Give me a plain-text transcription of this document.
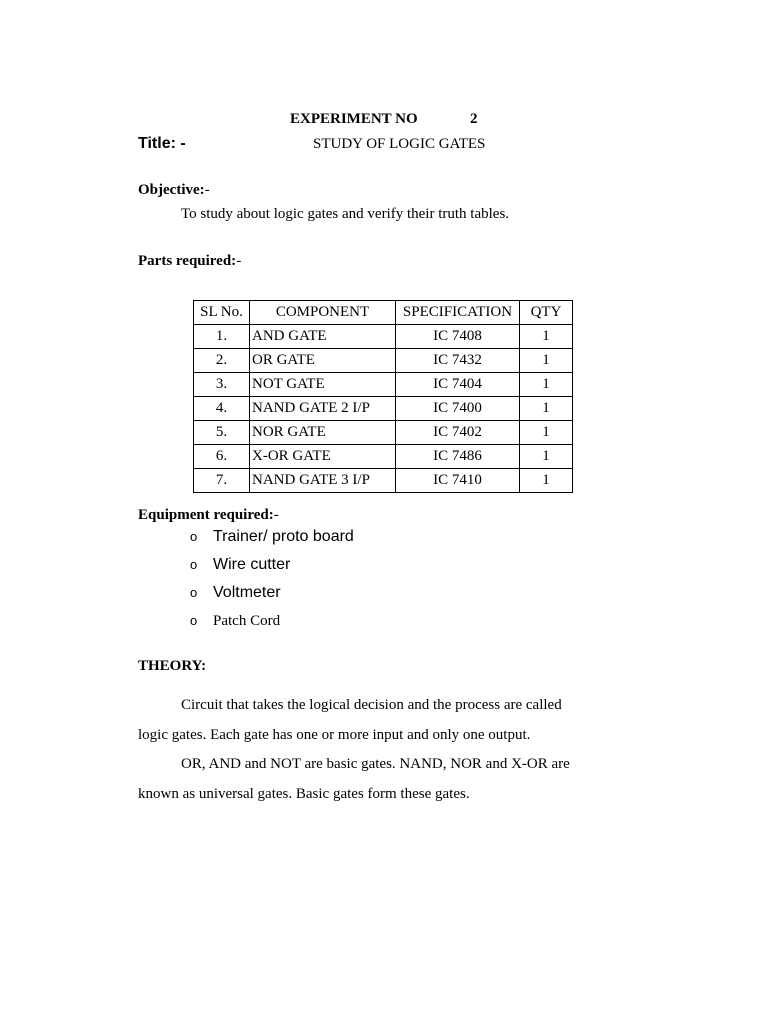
EXPERIMENT NO	2
Title: -	STUDY OF LOGIC GATES
Objective:-
To study about logic gates and verify their truth tables.
Parts required:-
SL No.	COMPONENT	SPECIFICATION	QTY
1.	AND GATE	IC 7408	1
2.	OR GATE	IC 7432	1
3.	NOT GATE	IC 7404	1
4.	NAND GATE 2 I/P	IC 7400	1
5.	NOR GATE	IC 7402	1
6.	X-OR GATE	IC 7486	1
7.	NAND GATE 3 I/P	IC 7410	1
Equipment required:-
o Trainer/ proto board
o Wire cutter
o Voltmeter
o Patch Cord
THEORY:
Circuit that takes the logical decision and the process are called
logic gates. Each gate has one or more input and only one output.
OR, AND and NOT are basic gates. NAND, NOR and X-OR are
known as universal gates. Basic gates form these gates.
